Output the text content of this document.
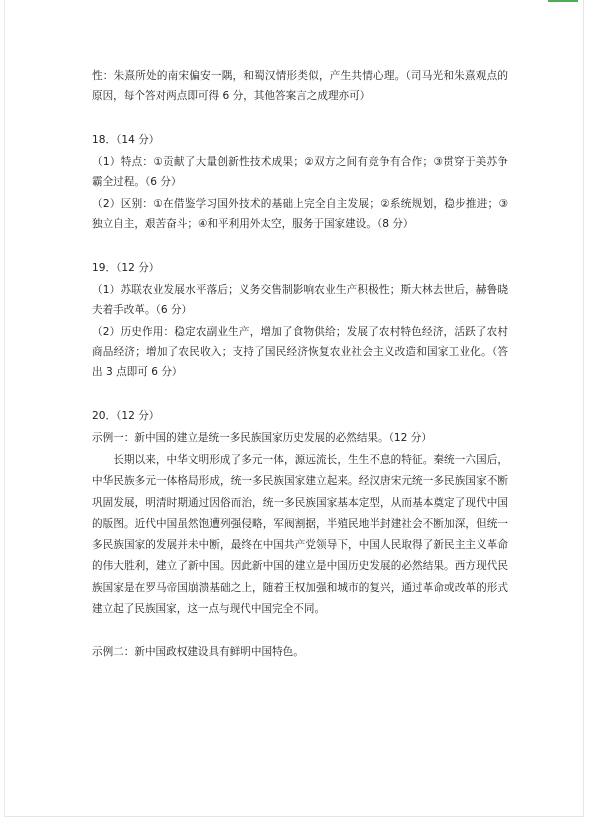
性：朱熹所处的南宋偏安一隅，和蜀汉情形类似，产生共情心理。（司马光和朱熹观点的原因，每个答对两点即可得 6 分，其他答案言之成理亦可）

18．（14 分）

（1）特点：①贡献了大量创新性技术成果；②双方之间有竞争有合作；③贯穿于美苏争霸全过程。（6 分）

（2）区别：①在借鉴学习国外技术的基础上完全自主发展；②系统规划，稳步推进；③独立自主，艰苦奋斗；④和平利用外太空，服务于国家建设。（8 分）

19．（12 分）

（1）苏联农业发展水平落后；义务交售制影响农业生产积极性；斯大林去世后，赫鲁晓夫着手改革。（6 分）

（2）历史作用：稳定农副业生产，增加了食物供给；发展了农村特色经济，活跃了农村商品经济；增加了农民收入；支持了国民经济恢复农业社会主义改造和国家工业化。（答出 3 点即可 6 分）

20．（12 分）

示例一：新中国的建立是统一多民族国家历史发展的必然结果。（12 分）

长期以来，中华文明形成了多元一体，源远流长，生生不息的特征。秦统一六国后，中华民族多元一体格局形成，统一多民族国家建立起来。经汉唐宋元统一多民族国家不断巩固发展，明清时期通过因俗而治，统一多民族国家基本定型，从而基本奠定了现代中国的版图。近代中国虽然饱遭列强侵略，军阀割据，半殖民地半封建社会不断加深，但统一多民族国家的发展并未中断，最终在中国共产党领导下，中国人民取得了新民主主义革命的伟大胜利，建立了新中国。因此新中国的建立是中国历史发展的必然结果。西方现代民族国家是在罗马帝国崩溃基础之上，随着王权加强和城市的复兴，通过革命或改革的形式建立起了民族国家，这一点与现代中国完全不同。

示例二：新中国政权建设具有鲜明中国特色。
